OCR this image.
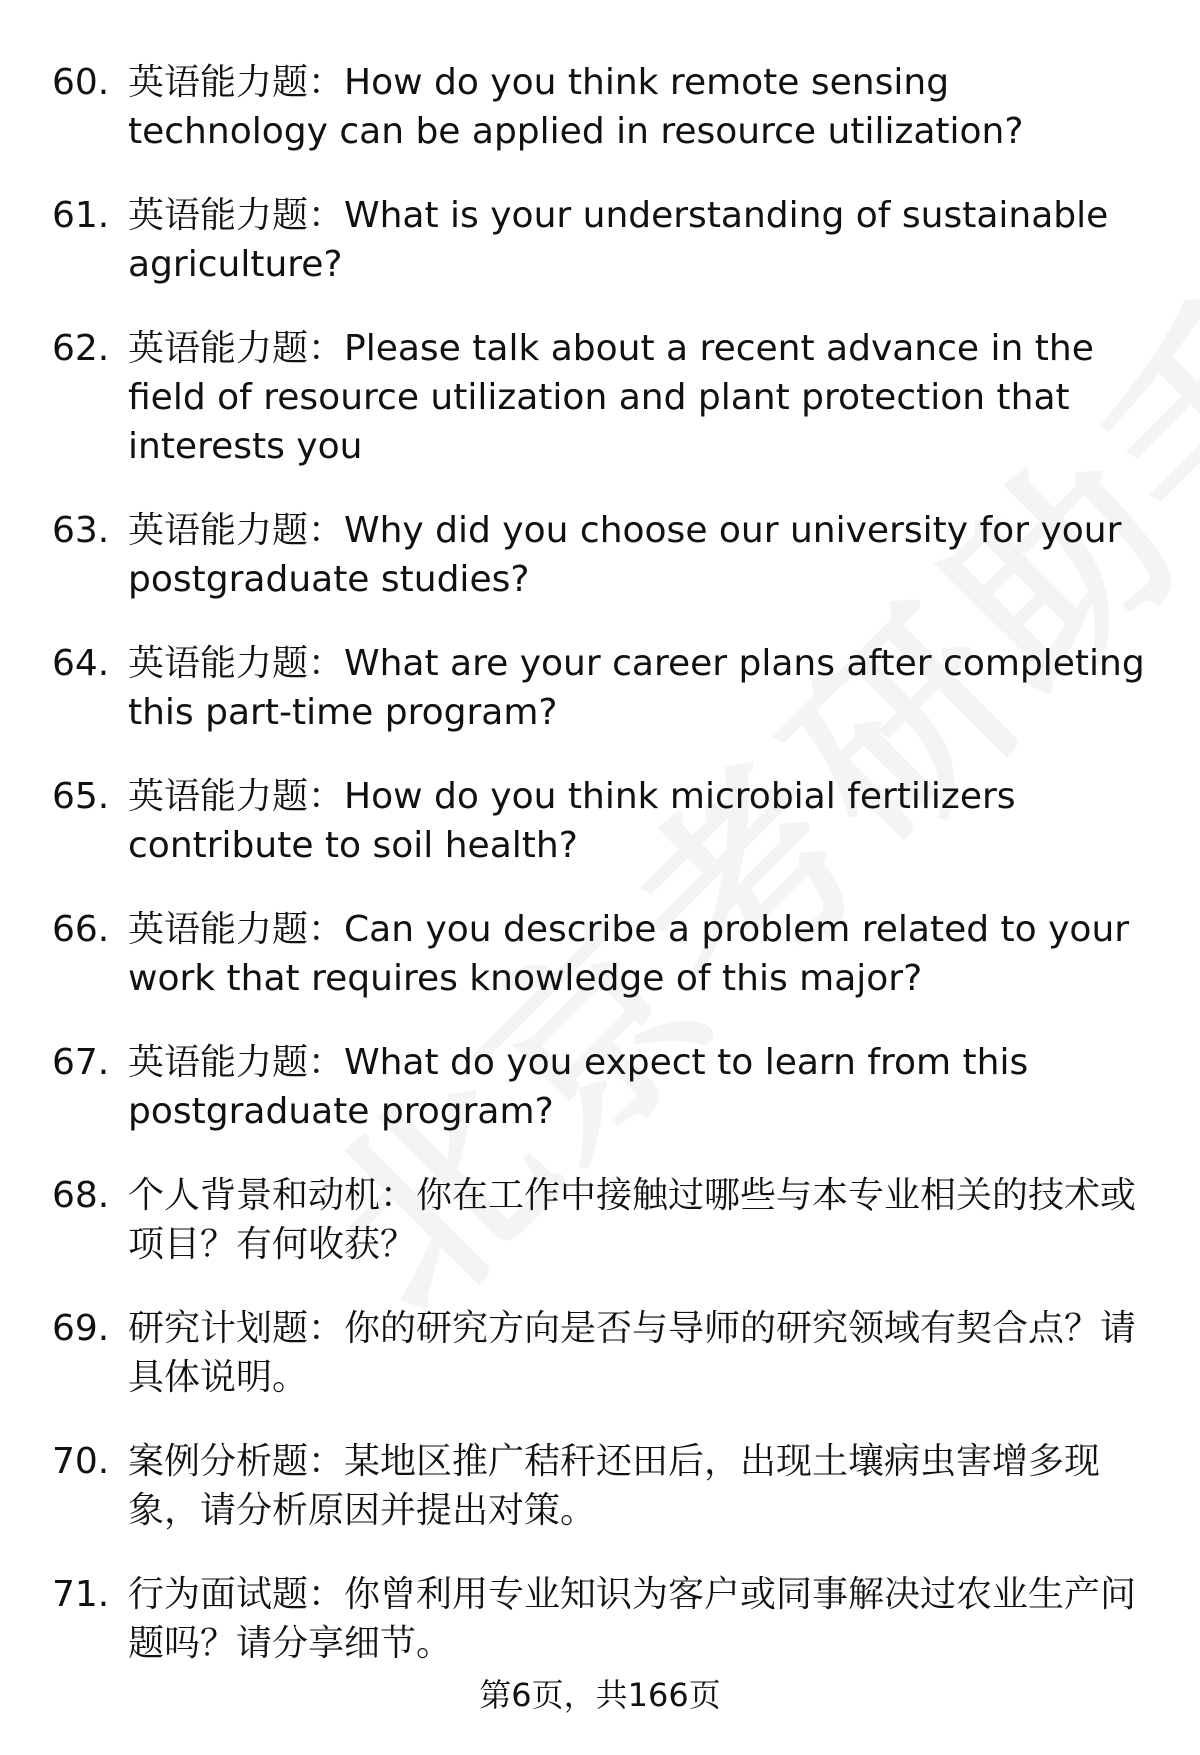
60. 英语能力题：How do you think remote sensing technology can be applied in resource utilization?
61. 英语能力题：What is your understanding of sustainable agriculture?
62. 英语能力题：Please talk about a recent advance in the field of resource utilization and plant protection that interests you
63. 英语能力题：Why did you choose our university for your postgraduate studies?
64. 英语能力题：What are your career plans after completing this part-time program?
65. 英语能力题：How do you think microbial fertilizers contribute to soil health?
66. 英语能力题：Can you describe a problem related to your work that requires knowledge of this major?
67. 英语能力题：What do you expect to learn from this postgraduate program?
68. 个人背景和动机：你在工作中接触过哪些与本专业相关的技术或项目？有何收获？
69. 研究计划题：你的研究方向是否与导师的研究领域有契合点？请具体说明。
70. 案例分析题：某地区推广秸秆还田后，出现土壤病虫害增多现象，请分析原因并提出对策。
71. 行为面试题：你曾利用专业知识为客户或同事解决过农业生产问题吗？请分享细节。
第6页，共166页
